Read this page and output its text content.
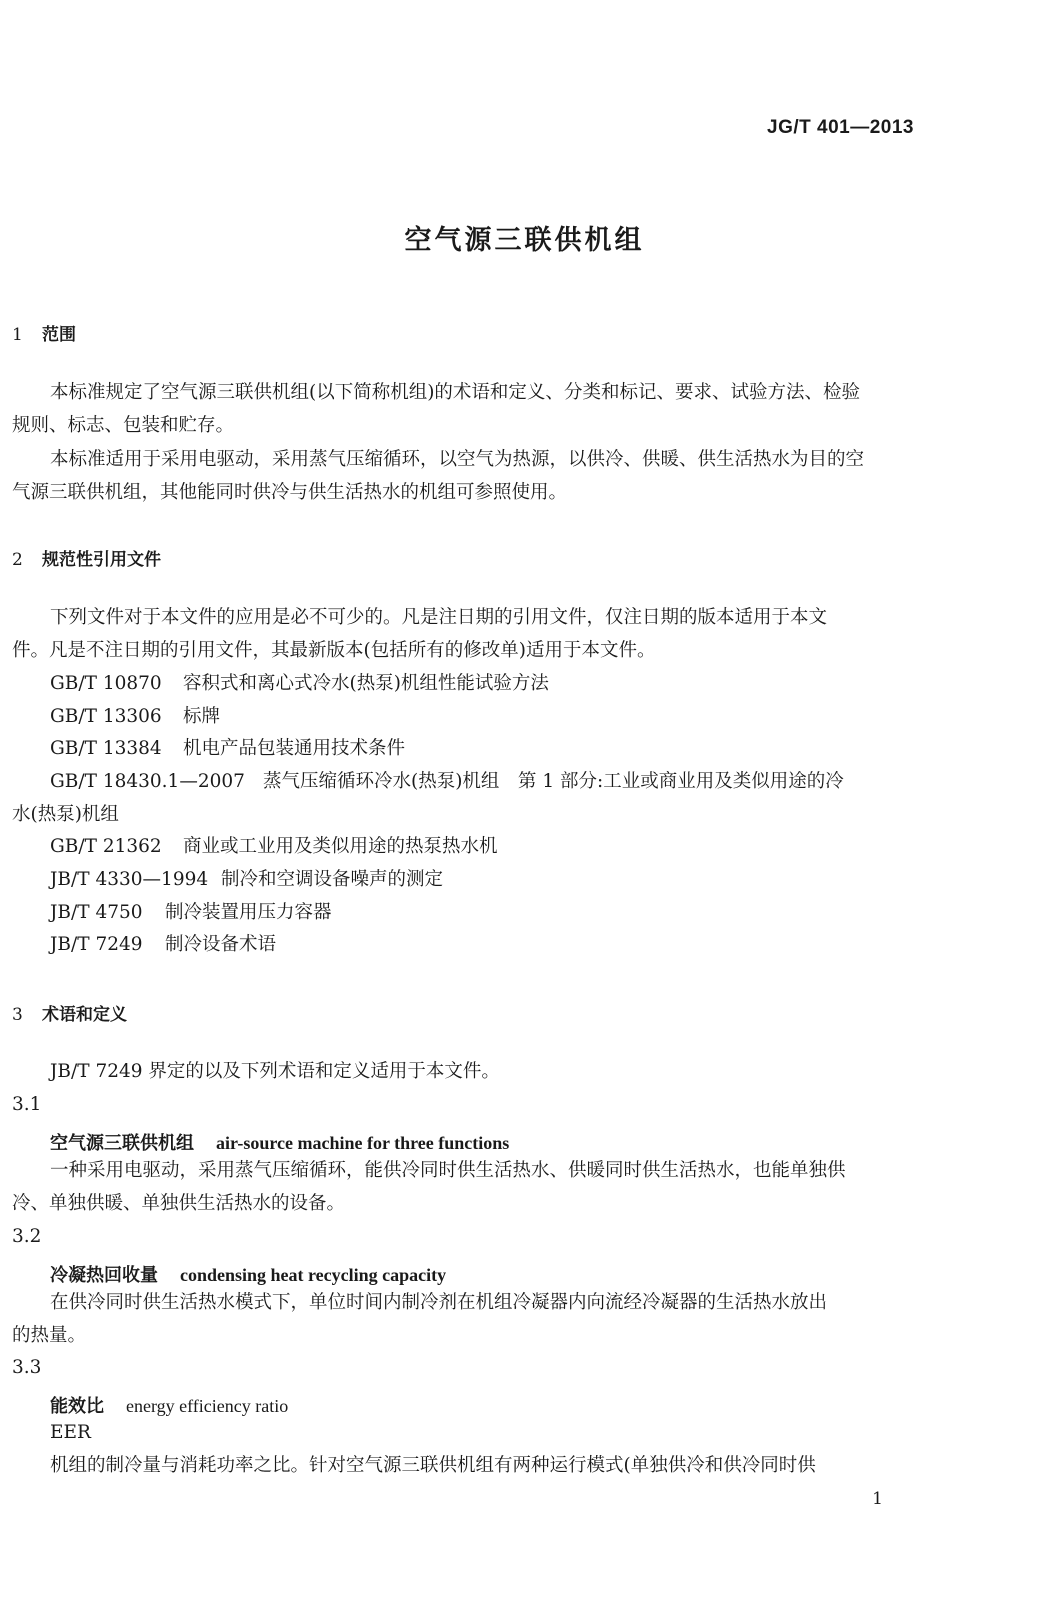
JG/T 401—2013
空气源三联供机组
1 范围
本标准规定了空气源三联供机组(以下简称机组)的术语和定义、分类和标记、要求、试验方法、检验
规则、标志、包装和贮存。
本标准适用于采用电驱动，采用蒸气压缩循环，以空气为热源，以供冷、供暖、供生活热水为目的空
气源三联供机组，其他能同时供冷与供生活热水的机组可参照使用。
2 规范性引用文件
下列文件对于本文件的应用是必不可少的。凡是注日期的引用文件，仅注日期的版本适用于本文
件。凡是不注日期的引用文件，其最新版本(包括所有的修改单)适用于本文件。
GB/T 10870 容积式和离心式冷水(热泵)机组性能试验方法
GB/T 13306 标牌
GB/T 13384 机电产品包装通用技术条件
GB/T 18430.1—2007 蒸气压缩循环冷水(热泵)机组　第 1 部分:工业或商业用及类似用途的冷
水(热泵)机组
GB/T 21362 商业或工业用及类似用途的热泵热水机
JB/T 4330—1994 制冷和空调设备噪声的测定
JB/T 4750 制冷装置用压力容器
JB/T 7249 制冷设备术语
3 术语和定义
JB/T 7249 界定的以及下列术语和定义适用于本文件。
3.1
空气源三联供机组 air-source machine for three functions
一种采用电驱动，采用蒸气压缩循环，能供冷同时供生活热水、供暖同时供生活热水，也能单独供
冷、单独供暖、单独供生活热水的设备。
3.2
冷凝热回收量 condensing heat recycling capacity
在供冷同时供生活热水模式下，单位时间内制冷剂在机组冷凝器内向流经冷凝器的生活热水放出
的热量。
3.3
能效比 energy efficiency ratio
EER
机组的制冷量与消耗功率之比。针对空气源三联供机组有两种运行模式(单独供冷和供冷同时供
1
